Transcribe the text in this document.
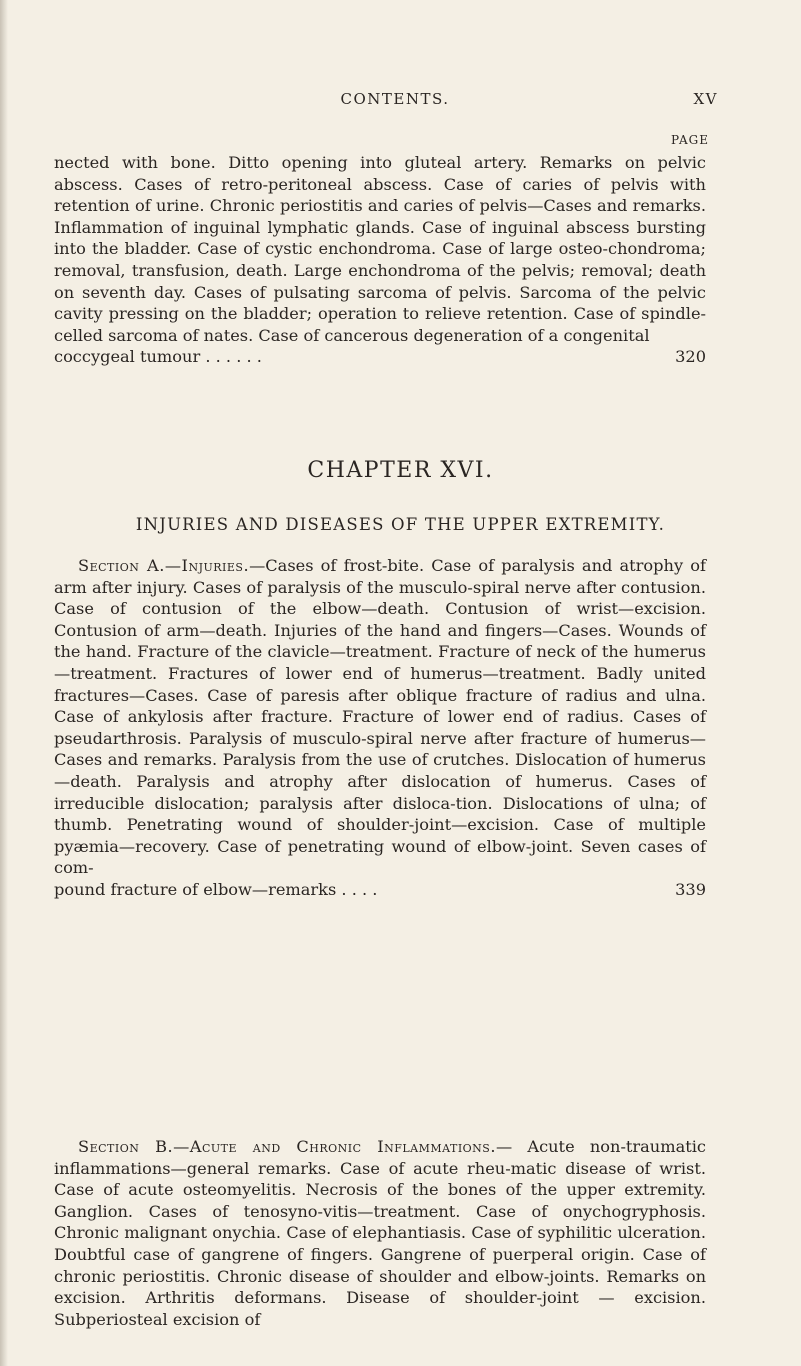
CONTENTS.	XV
PAGE
nected with bone. Ditto opening into gluteal artery. Remarks on pelvic abscess. Cases of retro-peritoneal abscess. Case of caries of pelvis with retention of urine. Chronic periostitis and caries of pelvis—Cases and remarks. Inflammation of inguinal lymphatic glands. Case of inguinal abscess bursting into the bladder. Case of cystic enchondroma. Case of large osteo-chondroma; removal, transfusion, death. Large enchondroma of the pelvis; removal; death on seventh day. Cases of pulsating sarcoma of pelvis. Sarcoma of the pelvic cavity pressing on the bladder; operation to relieve retention. Case of spindle-celled sarcoma of nates. Case of cancerous degeneration of a congenital
coccygeal tumour . . . . . .	320
CHAPTER XVI.
INJURIES AND DISEASES OF THE UPPER EXTREMITY.
Section A.—Injuries.—Cases of frost-bite. Case of paralysis and atrophy of arm after injury. Cases of paralysis of the musculo-spiral nerve after contusion. Case of contusion of the elbow—death. Contusion of wrist—excision. Contusion of arm—death. Injuries of the hand and fingers—Cases. Wounds of the hand. Fracture of the clavicle—treatment. Fracture of neck of the humerus—treatment. Fractures of lower end of humerus—treatment. Badly united fractures—Cases. Case of paresis after oblique fracture of radius and ulna. Case of ankylosis after fracture. Fracture of lower end of radius. Cases of pseudarthrosis. Paralysis of musculo-spiral nerve after fracture of humerus—Cases and remarks. Paralysis from the use of crutches. Dislocation of humerus—death. Paralysis and atrophy after dislocation of humerus. Cases of irreducible dislocation; paralysis after disloca-tion. Dislocations of ulna; of thumb. Penetrating wound of shoulder-joint—excision. Case of multiple pyæmia—recovery. Case of penetrating wound of elbow-joint. Seven cases of com-
pound fracture of elbow—remarks . . . .	339
Section B.—Acute and Chronic Inflammations.— Acute non-traumatic inflammations—general remarks. Case of acute rheu-matic disease of wrist. Case of acute osteomyelitis. Necrosis of the bones of the upper extremity. Ganglion. Cases of tenosyno-vitis—treatment. Case of onychogryphosis. Chronic malignant onychia. Case of elephantiasis. Case of syphilitic ulceration. Doubtful case of gangrene of fingers. Gangrene of puerperal origin. Case of chronic periostitis. Chronic disease of shoulder and elbow-joints. Remarks on excision. Arthritis deformans. Disease of shoulder-joint — excision. Subperiosteal excision of
